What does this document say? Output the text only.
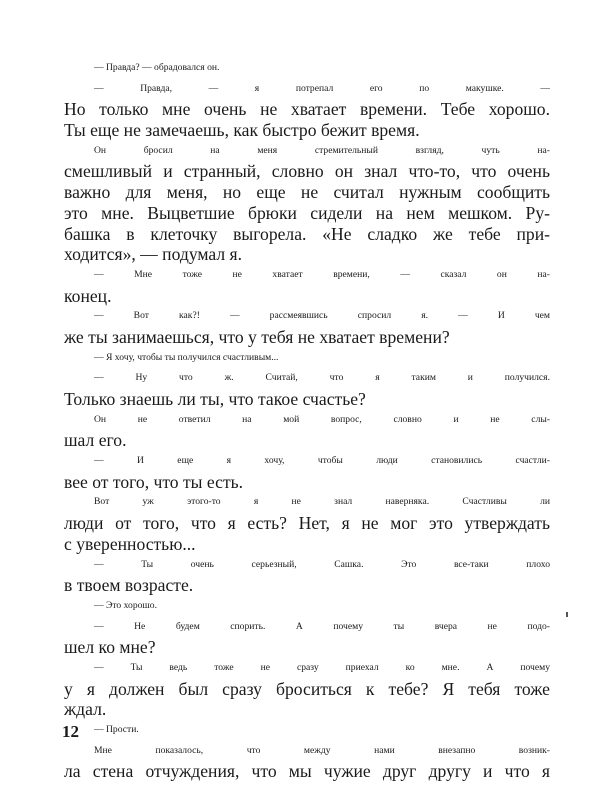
— Правда? — обрадовался он.
— Правда, — я потрепал его по макушке. —
Но только мне очень не хватает времени. Тебе хорошо.
Ты еще не замечаешь, как быстро бежит время.
Он бросил на меня стремительный взгляд, чуть на-
смешливый и странный, словно он знал что-то, что очень
важно для меня, но еще не считал нужным сообщить
это мне. Выцветшие брюки сидели на нем мешком. Ру-
башка в клеточку выгорела. «Не сладко же тебе при-
ходится», — подумал я.
— Мне тоже не хватает времени, — сказал он на-
конец.
— Вот как?! — рассмеявшись спросил я. — И чем
же ты занимаешься, что у тебя не хватает времени?
— Я хочу, чтобы ты получился счастливым...
— Ну что ж. Считай, что я таким и получился.
Только знаешь ли ты, что такое счастье?
Он не ответил на мой вопрос, словно и не слы-
шал его.
— И еще я хочу, чтобы люди становились счастли-
вее от того, что ты есть.
Вот уж этого-то я не знал наверняка. Счастливы ли
люди от того, что я есть? Нет, я не мог это утверждать
с уверенностью...
— Ты очень серьезный, Сашка. Это все-таки плохо
в твоем возрасте.
— Это хорошо.
— Не будем спорить. А почему ты вчера не подо-
шел ко мне?
— Ты ведь тоже не сразу приехал ко мне. А почему
у я должен был сразу броситься к тебе? Я тебя тоже
ждал.
— Прости.
Мне показалось, что между нами внезапно возник-
ла стена отчуждения, что мы чужие друг другу и что я
12
